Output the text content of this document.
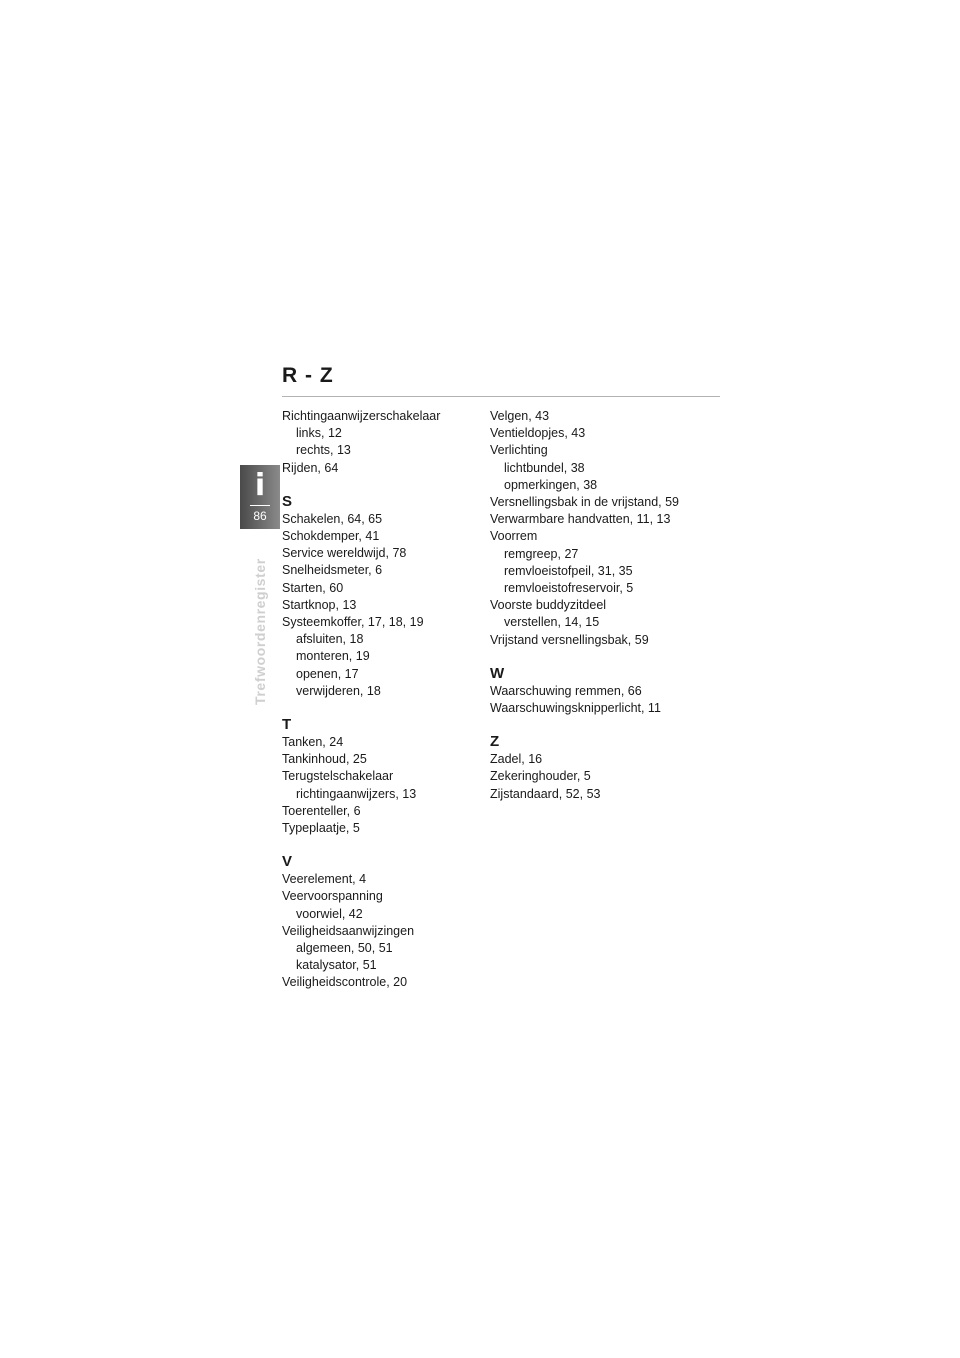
R - Z
i
86
Trefwoordenregister
Richtingaanwijzerschakelaar
links, 12
rechts, 13
Rijden, 64
S
Schakelen, 64, 65
Schokdemper, 41
Service wereldwijd, 78
Snelheidsmeter, 6
Starten, 60
Startknop, 13
Systeemkoffer, 17, 18, 19
afsluiten, 18
monteren, 19
openen, 17
verwijderen, 18
T
Tanken, 24
Tankinhoud, 25
Terugstelschakelaar
richtingaanwijzers, 13
Toerenteller, 6
Typeplaatje, 5
V
Veerelement, 4
Veervoorspanning
voorwiel, 42
Veiligheidsaanwijzingen
algemeen, 50, 51
katalysator, 51
Veiligheidscontrole, 20
Velgen, 43
Ventieldopjes, 43
Verlichting
lichtbundel, 38
opmerkingen, 38
Versnellingsbak in de vrijstand, 59
Verwarmbare handvatten, 11, 13
Voorrem
remgreep, 27
remvloeistofpeil, 31, 35
remvloeistofreservoir, 5
Voorste buddyzitdeel
verstellen, 14, 15
Vrijstand versnellingsbak, 59
W
Waarschuwing remmen, 66
Waarschuwingsknipperlicht, 11
Z
Zadel, 16
Zekeringhouder, 5
Zijstandaard, 52, 53
